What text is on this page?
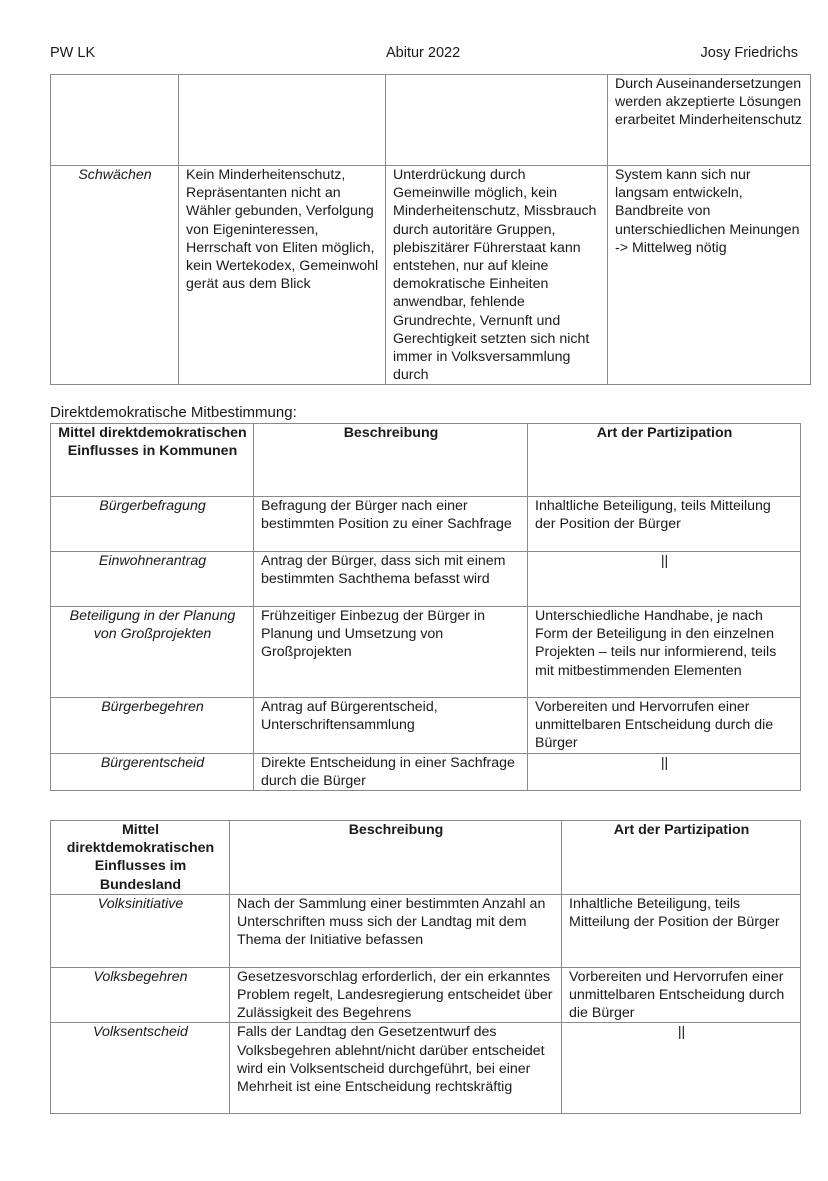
PW LK	Abitur 2022	Josy Friedrichs
			Durch Auseinandersetzungen werden akzeptierte Lösungen erarbeitet Minderheitenschutz
Schwächen	Kein Minderheitenschutz, Repräsentanten nicht an Wähler gebunden, Verfolgung von Eigeninteressen, Herrschaft von Eliten möglich, kein Wertekodex, Gemeinwohl gerät aus dem Blick	Unterdrückung durch Gemeinwille möglich, kein Minderheitenschutz, Missbrauch durch autoritäre Gruppen, plebiszitärer Führerstaat kann entstehen, nur auf kleine demokratische Einheiten anwendbar, fehlende Grundrechte, Vernunft und Gerechtigkeit setzten sich nicht immer in Volksversammlung durch	System kann sich nur langsam entwickeln, Bandbreite von unterschiedlichen Meinungen -> Mittelweg nötig
Direktdemokratische Mitbestimmung:
Mittel direktdemokratischen Einflusses in Kommunen	Beschreibung	Art der Partizipation
Bürgerbefragung	Befragung der Bürger nach einer bestimmten Position zu einer Sachfrage	Inhaltliche Beteiligung, teils Mitteilung der Position der Bürger
Einwohnerantrag	Antrag der Bürger, dass sich mit einem bestimmten Sachthema befasst wird	||
Beteiligung in der Planung von Großprojekten	Frühzeitiger Einbezug der Bürger in Planung und Umsetzung von Großprojekten	Unterschiedliche Handhabe, je nach Form der Beteiligung in den einzelnen Projekten – teils nur informierend, teils mit mitbestimmenden Elementen
Bürgerbegehren	Antrag auf Bürgerentscheid, Unterschriftensammlung	Vorbereiten und Hervorrufen einer unmittelbaren Entscheidung durch die Bürger
Bürgerentscheid	Direkte Entscheidung in einer Sachfrage durch die Bürger	||
Mittel direktdemokratischen Einflusses im Bundesland	Beschreibung	Art der Partizipation
Volksinitiative	Nach der Sammlung einer bestimmten Anzahl an Unterschriften muss sich der Landtag mit dem Thema der Initiative befassen	Inhaltliche Beteiligung, teils Mitteilung der Position der Bürger
Volksbegehren	Gesetzesvorschlag erforderlich, der ein erkanntes Problem regelt, Landesregierung entscheidet über Zulässigkeit des Begehrens	Vorbereiten und Hervorrufen einer unmittelbaren Entscheidung durch die Bürger
Volksentscheid	Falls der Landtag den Gesetzentwurf des Volksbegehren ablehnt/nicht darüber entscheidet wird ein Volksentscheid durchgeführt, bei einer Mehrheit ist eine Entscheidung rechtskräftig	||
